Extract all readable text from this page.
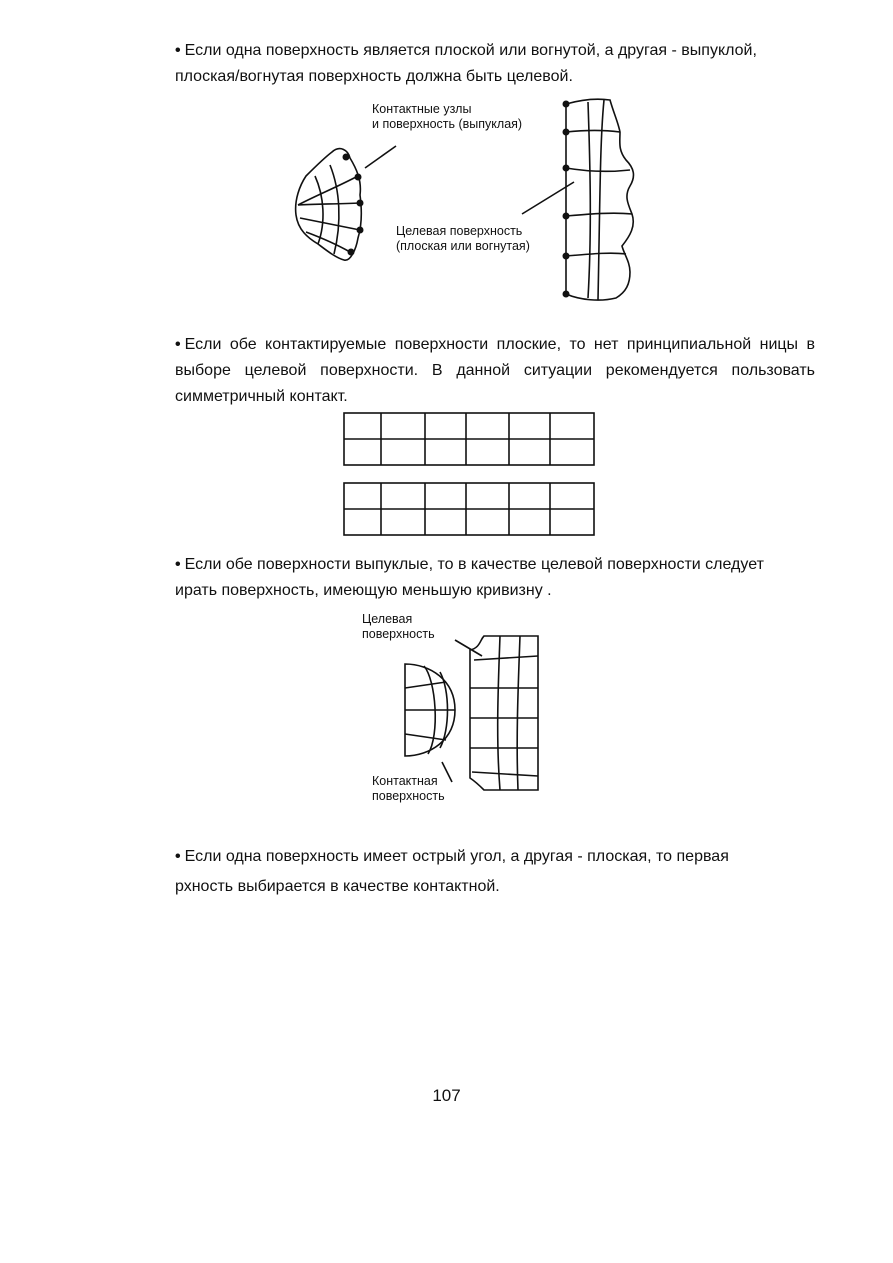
• Если одна поверхность является плоской или вогнутой, а другая - выпуклой,
плоская/вогнутая поверхность должна быть целевой.
Контактные узлы
и поверхность (выпуклая)
Целевая поверхность
(плоская или вогнутая)
• Если обе контактируемые поверхности плоские, то нет принципиальной ницы в выборе целевой поверхности. В данной ситуации рекомендуется пользовать симметричный контакт.
• Если обе поверхности выпуклые, то в качестве целевой поверхности следует
ирать поверхность, имеющую меньшую кривизну .
Целевая
поверхность
Контактная
поверхность
• Если одна поверхность имеет острый угол, а другая - плоская, то первая
рхность выбирается в качестве контактной.
107
